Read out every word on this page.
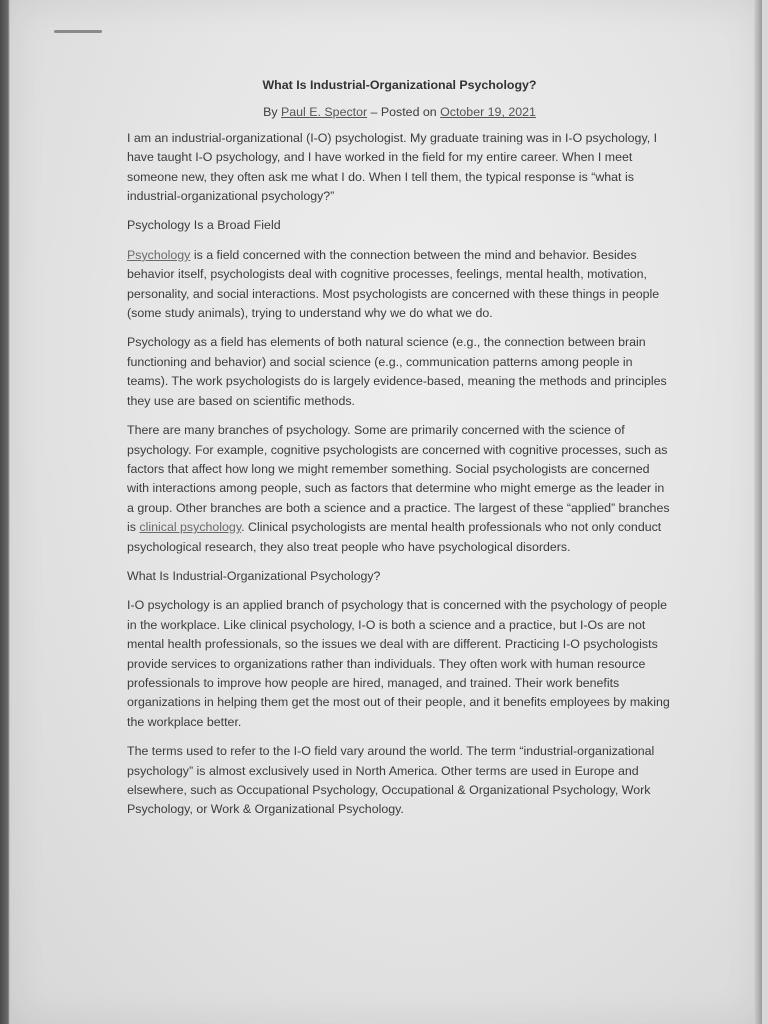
What Is Industrial-Organizational Psychology?
By Paul E. Spector – Posted on October 19, 2021

I am an industrial-organizational (I-O) psychologist. My graduate training was in I-O psychology, I have taught I-O psychology, and I have worked in the field for my entire career. When I meet someone new, they often ask me what I do. When I tell them, the typical response is “what is industrial-organizational psychology?”

Psychology Is a Broad Field

Psychology is a field concerned with the connection between the mind and behavior. Besides behavior itself, psychologists deal with cognitive processes, feelings, mental health, motivation, personality, and social interactions. Most psychologists are concerned with these things in people (some study animals), trying to understand why we do what we do.

Psychology as a field has elements of both natural science (e.g., the connection between brain functioning and behavior) and social science (e.g., communication patterns among people in teams). The work psychologists do is largely evidence-based, meaning the methods and principles they use are based on scientific methods.

There are many branches of psychology. Some are primarily concerned with the science of psychology. For example, cognitive psychologists are concerned with cognitive processes, such as factors that affect how long we might remember something. Social psychologists are concerned with interactions among people, such as factors that determine who might emerge as the leader in a group. Other branches are both a science and a practice. The largest of these “applied” branches is clinical psychology. Clinical psychologists are mental health professionals who not only conduct psychological research, they also treat people who have psychological disorders.

What Is Industrial-Organizational Psychology?

I-O psychology is an applied branch of psychology that is concerned with the psychology of people in the workplace. Like clinical psychology, I-O is both a science and a practice, but I-Os are not mental health professionals, so the issues we deal with are different. Practicing I-O psychologists provide services to organizations rather than individuals. They often work with human resource professionals to improve how people are hired, managed, and trained. Their work benefits organizations in helping them get the most out of their people, and it benefits employees by making the workplace better.

The terms used to refer to the I-O field vary around the world. The term “industrial-organizational psychology” is almost exclusively used in North America. Other terms are used in Europe and elsewhere, such as Occupational Psychology, Occupational & Organizational Psychology, Work Psychology, or Work & Organizational Psychology.
